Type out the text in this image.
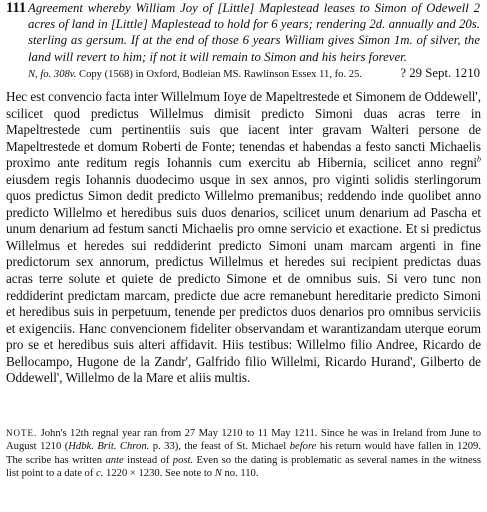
111 Agreement whereby William Joy of [Little] Maplestead leases to Simon of Odewell 2 acres of land in [Little] Maplestead to hold for 6 years; rendering 2d. annually and 20s. sterling as gersum. If at the end of those 6 years William gives Simon 1m. of silver, the land will revert to him; if not it will remain to Simon and his heirs forever.
? 29 Sept. 1210
N, fo. 308v. Copy (1568) in Oxford, Bodleian MS. Rawlinson Essex 11, fo. 25.

Hec est convencio facta inter Willelmum Ioye de Mapeltrestede et Simonem de Oddewell', scilicet quod predictus Willelmus dimisit predicto Simoni duas acras terre in Mapeltrestede cum pertinentiis suis que iacent inter gravam Walteri persone de Mapeltrestede et domum Roberti de Fonte; tenendas et habendas a festo sancti Michaelis proximo ante reditum regis Iohannis cum exercitu ab Hibernia, scilicet anno regni$^b$ eiusdem regis Iohannis duodecimo usque in sex annos, pro viginti solidis sterlingorum quos predictus Simon dedit predicto Willelmo premanibus; reddendo inde quolibet anno predicto Willelmo et heredibus suis duos denarios, scilicet unum denarium ad Pascha et unum denarium ad festum sancti Michaelis pro omne servicio et exactione. Et si predictus Willelmus et heredes sui reddiderint predicto Simoni unam marcam argenti in fine predictorum sex annorum, predictus Willelmus et heredes sui recipient predictas duas acras terre solute et quiete de predicto Simone et de omnibus suis. Si vero tunc non reddiderint predictam marcam, predicte due acre remanebunt hereditarie predicto Simoni et heredibus suis in perpetuum, tenende per predictos duos denarios pro omnibus serviciis et exigenciis. Hanc convencionem fideliter observandam et warantizandam uterque eorum pro se et heredibus suis alteri affidavit. Hiis testibus: Willelmo filio Andree, Ricardo de Bellocampo, Hugone de la Zandr', Galfrido filio Willelmi, Ricardo Hurand', Gilberto de Oddewell', Willelmo de la Mare et aliis multis.

NOTE. John's 12th regnal year ran from 27 May 1210 to 11 May 1211. Since he was in Ireland from June to August 1210 (Hdbk. Brit. Chron. p. 33), the feast of St. Michael before his return would have fallen in 1209. The scribe has written ante instead of post. Even so the dating is problematic as several names in the witness list point to a date of c. 1220 × 1230. See note to N no. 110.
